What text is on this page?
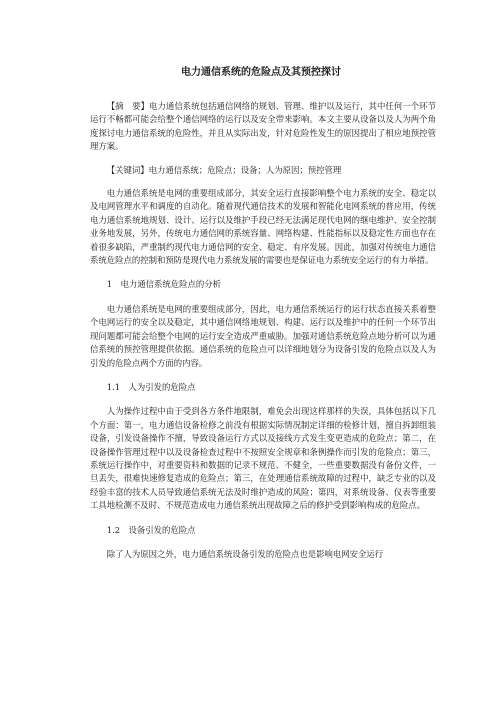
电力通信系统的危险点及其预控探讨

【摘　要】电力通信系统包括通信网络的规划、管理、维护以及运行，其中任何一个环节运行不畅都可能会给整个通信网络的运行以及安全带来影响。本文主要从设备以及人为两个角度探讨电力通信系统的危险性，并且从实际出发，针对危险性发生的原因提出了相应地预控管理方案。

【关键词】电力通信系统；危险点；设备；人为原因；预控管理

电力通信系统是电网的重要组成部分，其安全运行直接影响整个电力系统的安全、稳定以及电网管理水平和调度的自动化。随着现代通信技术的发展和智能化电网系统的普应用，传统电力通信系统地规划、设计、运行以及维护手段已经无法满足现代电网的继电维护、安全控制业务地发展，另外，传统电力通信网的系统容量、网络构建、性能指标以及稳定性方面也存在着很多缺陷，严重制约现代电力通信网的安全、稳定、有序发展。因此，加强对传统电力通信系统危险点的控制和预防是现代电力系统发展的需要也是保证电力系统安全运行的有力举措。

1　电力通信系统危险点的分析

电力通信系统是电网的重要组成部分，因此，电力通信系统运行的运行状态直接关系着整个电网运行的安全以及稳定，其中通信网络地规划、构建、运行以及维护中的任何一个环节出现问题都可能会给整个电网的运行安全造成严重威胁。加强对通信系统危险点地分析可以为通信系统的预控管理提供依据。通信系统的危险点可以详细地划分为设备引发的危险点以及人为引发的危险点两个方面的内容。

1.1　人为引发的危险点

人为操作过程中由于受到各方条件地限制，难免会出现这样那样的失误，具体包括以下几个方面：第一，电力通信设备检修之前没有根据实际情况制定详细的检修计划，擅自拆卸组装设备，引发设备操作不擅，导致设备运行方式以及接线方式发生变更造成的危险点；第二，在设备操作管理过程中以及设备检查过程中不按照安全规章和条例操作而引发的危险点；第三，系统运行操作中，对重要资料和数据的记录不规范、不健全，一些重要数据没有备份文件，一旦丢失，很难快速修复造成的危险点；第三，在处理通信系统故障的过程中，缺乏专业的以及经验丰富的技术人员导致通信系统无法及时维护造成的风险；第四，对系统设备、仪表等重要工具地检测不及时、不规范造成电力通信系统出现故障之后的修护受到影响构成的危险点。

1.2　设备引发的危险点

除了人为原因之外，电力通信系统设备引发的危险点也是影响电网安全运行
